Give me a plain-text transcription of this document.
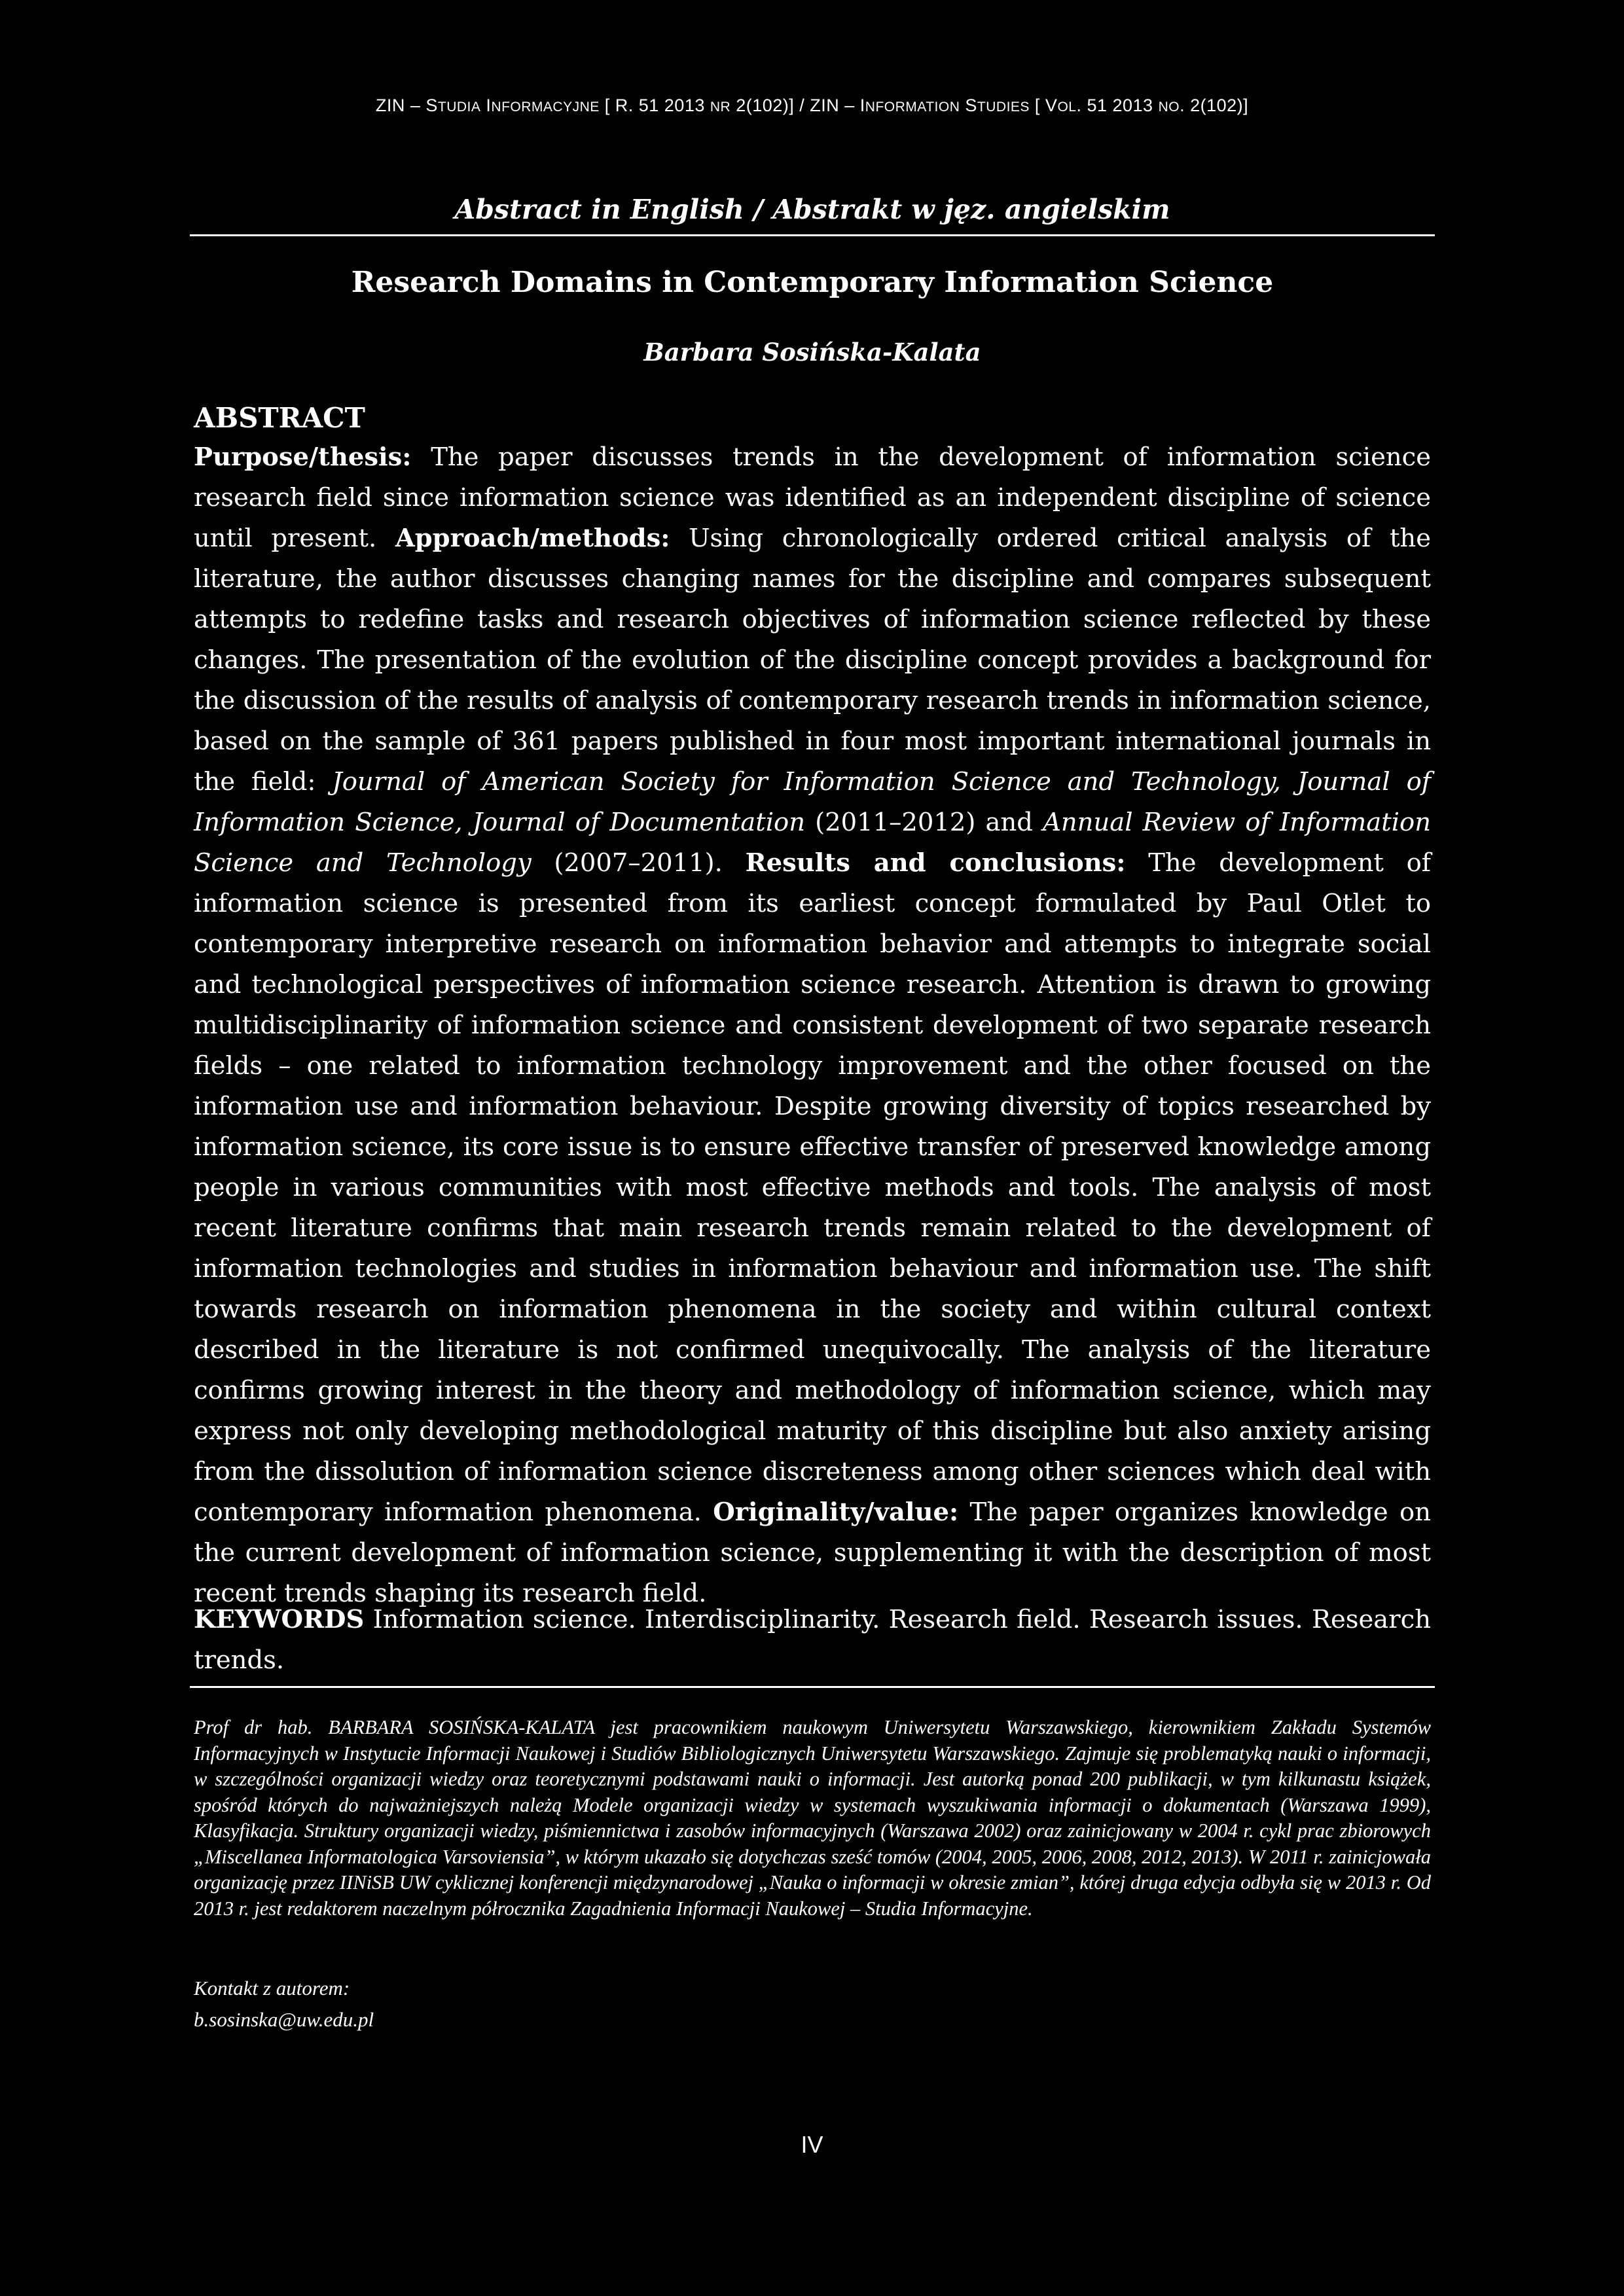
ZIN – STUDIA INFORMACYJNE [ R. 51 2013 NR 2(102)] / ZIN – INFORMATION STUDIES [ VOL. 51 2013 NO. 2(102)]
Abstract in English / Abstrakt w jęz. angielskim
Research Domains in Contemporary Information Science
Barbara Sosińska-Kalata
ABSTRACT
Purpose/thesis: The paper discusses trends in the development of information science research field since information science was identified as an independent discipline of science until present. Approach/methods: Using chronologically ordered critical analysis of the literature, the author discusses changing names for the discipline and compares subsequent attempts to redefine tasks and research objectives of information science reflected by these changes. The presentation of the evolution of the discipline concept provides a background for the discussion of the results of analysis of contemporary research trends in information science, based on the sample of 361 papers published in four most important international journals in the field: Journal of American Society for Information Science and Technology, Journal of Information Science, Journal of Documentation (2011–2012) and Annual Review of Information Science and Technology (2007–2011). Results and conclusions: The development of information science is presented from its earliest concept formulated by Paul Otlet to contemporary interpretive research on information behavior and attempts to integrate social and technological perspectives of information science research. Attention is drawn to growing multidisciplinarity of information science and consistent development of two separate research fields – one related to information technology improvement and the other focused on the information use and information behaviour. Despite growing diversity of topics researched by information science, its core issue is to ensure effective transfer of preserved knowledge among people in various communities with most effective methods and tools. The analysis of most recent literature confirms that main research trends remain related to the development of information technologies and studies in information behaviour and information use. The shift towards research on information phenomena in the society and within cultural context described in the literature is not confirmed unequivocally. The analysis of the literature confirms growing interest in the theory and methodology of information science, which may express not only developing methodological maturity of this discipline but also anxiety arising from the dissolution of information science discreteness among other sciences which deal with contemporary information phenomena. Originality/value: The paper organizes knowledge on the current development of information science, supplementing it with the description of most recent trends shaping its research field.
KEYWORDS Information science. Interdisciplinarity. Research field. Research issues. Research trends.
Prof dr hab. BARBARA SOSIŃSKA-KALATA jest pracownikiem naukowym Uniwersytetu Warszawskiego, kierownikiem Zakładu Systemów Informacyjnych w Instytucie Informacji Naukowej i Studiów Bibliologicznych Uniwersytetu Warszawskiego. Zajmuje się problematyką nauki o informacji, w szczególności organizacji wiedzy oraz teoretycznymi podstawami nauki o informacji. Jest autorką ponad 200 publikacji, w tym kilkunastu książek, spośród których do najważniejszych należą Modele organizacji wiedzy w systemach wyszukiwania informacji o dokumentach (Warszawa 1999), Klasyfikacja. Struktury organizacji wiedzy, piśmiennictwa i zasobów informacyjnych (Warszawa 2002) oraz zainicjowany w 2004 r. cykl prac zbiorowych „Miscellanea Informatologica Varsoviensia”, w którym ukazało się dotychczas sześć tomów (2004, 2005, 2006, 2008, 2012, 2013). W 2011 r. zainicjowała organizację przez IINiSB UW cyklicznej konferencji międzynarodowej „Nauka o informacji w okresie zmian”, której druga edycja odbyła się w 2013 r. Od 2013 r. jest redaktorem naczelnym półrocznika Zagadnienia Informacji Naukowej – Studia Informacyjne.
Kontakt z autorem:
b.sosinska@uw.edu.pl
IV
